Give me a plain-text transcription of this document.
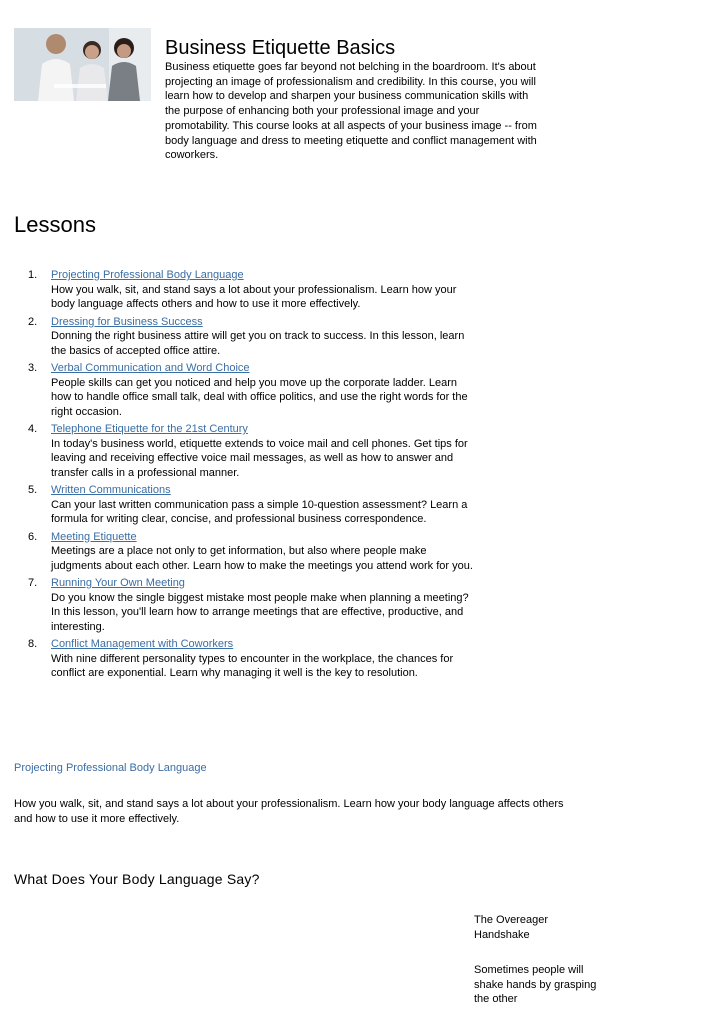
Business Etiquette Basics

Business etiquette goes far beyond not belching in the boardroom. It's about projecting an image of professionalism and credibility. In this course, you will learn how to develop and sharpen your business communication skills with the purpose of enhancing both your professional image and your promotability. This course looks at all aspects of your business image -- from body language and dress to meeting etiquette and conflict management with coworkers.

Lessons
1. Projecting Professional Body Language
How you walk, sit, and stand says a lot about your professionalism. Learn how your body language affects others and how to use it more effectively.
2. Dressing for Business Success
Donning the right business attire will get you on track to success. In this lesson, learn the basics of accepted office attire.
3. Verbal Communication and Word Choice
People skills can get you noticed and help you move up the corporate ladder. Learn how to handle office small talk, deal with office politics, and use the right words for the right occasion.
4. Telephone Etiquette for the 21st Century
In today's business world, etiquette extends to voice mail and cell phones. Get tips for leaving and receiving effective voice mail messages, as well as how to answer and transfer calls in a professional manner.
5. Written Communications
Can your last written communication pass a simple 10-question assessment? Learn a formula for writing clear, concise, and professional business correspondence.
6. Meeting Etiquette
Meetings are a place not only to get information, but also where people make judgments about each other. Learn how to make the meetings you attend work for you.
7. Running Your Own Meeting
Do you know the single biggest mistake most people make when planning a meeting? In this lesson, you'll learn how to arrange meetings that are effective, productive, and interesting.
8. Conflict Management with Coworkers
With nine different personality types to encounter in the workplace, the chances for conflict are exponential. Learn why managing it well is the key to resolution.

Projecting Professional Body Language

How you walk, sit, and stand says a lot about your professionalism. Learn how your body language affects others and how to use it more effectively.

What Does Your Body Language Say?

The Overeager Handshake

Sometimes people will shake hands by grasping the other
